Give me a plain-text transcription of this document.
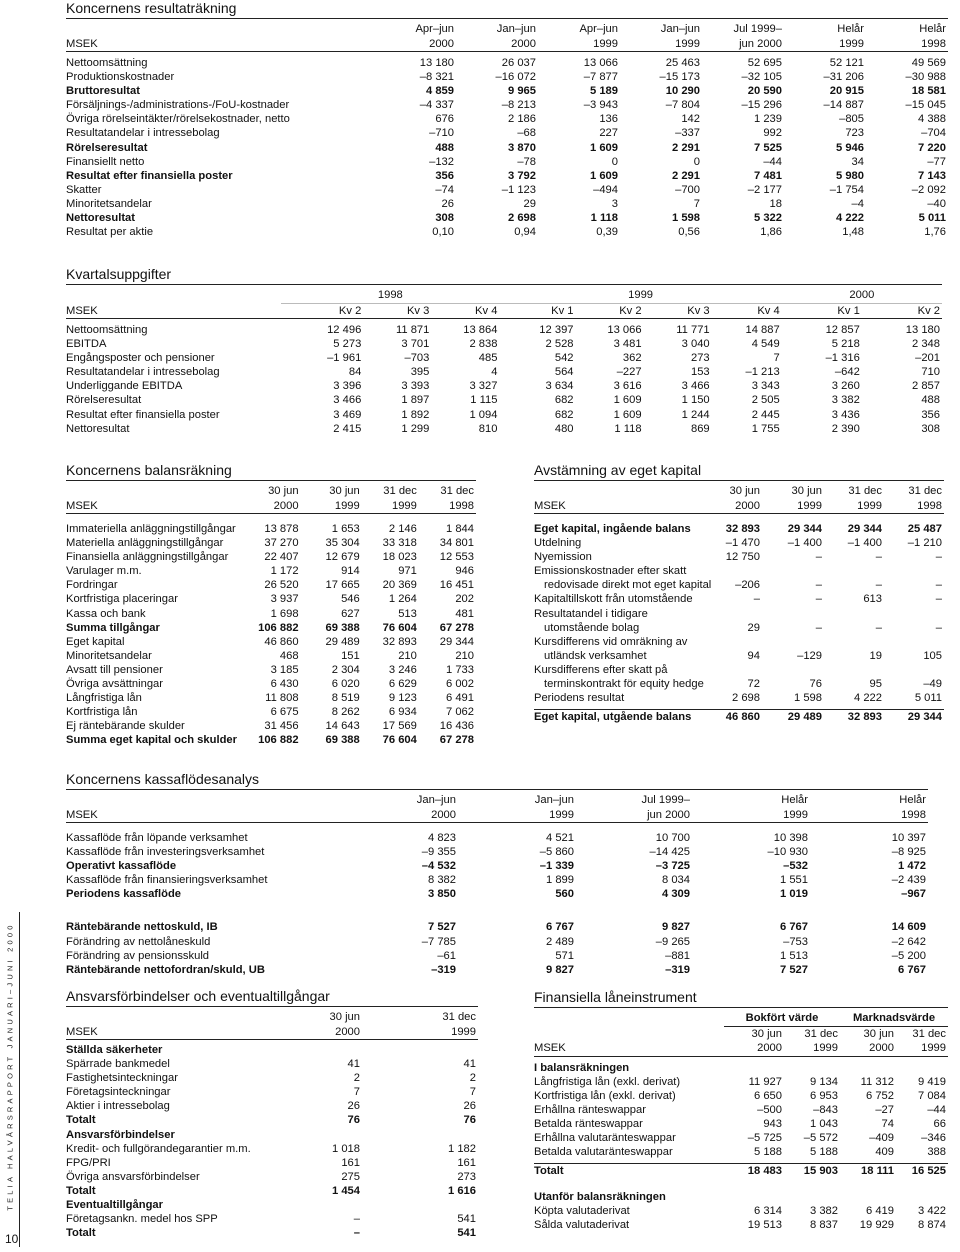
TELIA HALVÅRSRAPPORT JANUARI–JUNI 2000
10
Koncernens resultaträkning
	Apr–jun	Jan–jun	Apr–jun	Jan–jun	Jul 1999–	Helår	Helår
MSEK	2000	2000	1999	1999	jun 2000	1999	1998

Nettoomsättning	13 180	26 037	13 066	25 463	52 695	52 121	49 569
Produktionskostnader	–8 321	–16 072	–7 877	–15 173	–32 105	–31 206	–30 988
Bruttoresultat	4 859	9 965	5 189	10 290	20 590	20 915	18 581
Försäljnings-/administrations-/FoU-kostnader	–4 337	–8 213	–3 943	–7 804	–15 296	–14 887	–15 045
Övriga rörelseintäkter/rörelsekostnader, netto	676	2 186	136	142	1 239	–805	4 388
Resultatandelar i intressebolag	–710	–68	227	–337	992	723	–704
Rörelseresultat	488	3 870	1 609	2 291	7 525	5 946	7 220
Finansiellt netto	–132	–78	0	0	–44	34	–77
Resultat efter finansiella poster	356	3 792	1 609	2 291	7 481	5 980	7 143
Skatter	–74	–1 123	–494	–700	–2 177	–1 754	–2 092
Minoritetsandelar	26	29	3	7	18	–4	–40
Nettoresultat	308	2 698	1 118	1 598	5 322	4 222	5 011
Resultat per aktie	0,10	0,94	0,39	0,56	1,86	1,48	1,76
Kvartalsuppgifter
	1998			1999				2000	
MSEK	Kv 2	Kv 3	Kv 4	Kv 1	Kv 2	Kv 3	Kv 4	Kv 1	Kv 2

Nettoomsättning	12 496	11 871	13 864	12 397	13 066	11 771	14 887	12 857	13 180
EBITDA	5 273	3 701	2 838	2 528	3 481	3 040	4 549	5 218	2 348
Engångsposter och pensioner	–1 961	–703	485	542	362	273	7	–1 316	–201
Resultatandelar i intressebolag	84	395	4	564	–227	153	–1 213	–642	710
Underliggande EBITDA	3 396	3 393	3 327	3 634	3 616	3 466	3 343	3 260	2 857
Rörelseresultat	3 466	1 897	1 115	682	1 609	1 150	2 505	3 382	488
Resultat efter finansiella poster	3 469	1 892	1 094	682	1 609	1 244	2 445	3 436	356
Nettoresultat	2 415	1 299	810	480	1 118	869	1 755	2 390	308
Koncernens balansräkning
	30 jun	30 jun	31 dec	31 dec
MSEK	2000	1999	1999	1998

Immateriella anläggningstillgångar	13 878	1 653	2 146	1 844
Materiella anläggningstillgångar	37 270	35 304	33 318	34 801
Finansiella anläggningstillgångar	22 407	12 679	18 023	12 553
Varulager m.m.	1 172	914	971	946
Fordringar	26 520	17 665	20 369	16 451
Kortfristiga placeringar	3 937	546	1 264	202
Kassa och bank	1 698	627	513	481
Summa tillgångar	106 882	69 388	76 604	67 278
Eget kapital	46 860	29 489	32 893	29 344
Minoritetsandelar	468	151	210	210
Avsatt till pensioner	3 185	2 304	3 246	1 733
Övriga avsättningar	6 430	6 020	6 629	6 002
Långfristiga lån	11 808	8 519	9 123	6 491
Kortfristiga lån	6 675	8 262	6 934	7 062
Ej räntebärande skulder	31 456	14 643	17 569	16 436
Summa eget kapital och skulder	106 882	69 388	76 604	67 278
Avstämning av eget kapital
	30 jun	30 jun	31 dec	31 dec
MSEK	2000	1999	1999	1998

Eget kapital, ingående balans	32 893	29 344	29 344	25 487
Utdelning	–1 470	–1 400	–1 400	–1 210
Nyemission	12 750	–	–	–
Emissionskostnader efter skatt				
redovisade direkt mot eget kapital	–206	–	–	–
Kapitaltillskott från utomstående	–	–	613	–
Resultatandel i tidigare				
utomstående bolag	29	–	–	–
Kursdifferens vid omräkning av				
utländsk verksamhet	94	–129	19	105
Kursdifferens efter skatt på				
terminskontrakt för equity hedge	72	76	95	–49
Periodens resultat	2 698	1 598	4 222	5 011

Eget kapital, utgående balans	46 860	29 489	32 893	29 344
Koncernens kassaflödesanalys
	Jan–jun	Jan–jun	Jul 1999–	Helår	Helår
MSEK	2000	1999	jun 2000	1999	1998

Kassaflöde från löpande verksamhet	4 823	4 521	10 700	10 398	10 397
Kassaflöde från investeringsverksamhet	–9 355	–5 860	–14 425	–10 930	–8 925
Operativt kassaflöde	–4 532	–1 339	–3 725	–532	1 472
Kassaflöde från finansieringsverksamhet	8 382	1 899	8 034	1 551	–2 439
Periodens kassaflöde	3 850	560	4 309	1 019	–967

Räntebärande nettoskuld, IB	7 527	6 767	9 827	6 767	14 609
Förändring av nettolåneskuld	–7 785	2 489	–9 265	–753	–2 642
Förändring av pensionsskuld	–61	571	–881	1 513	–5 200
Räntebärande nettofordran/skuld, UB	–319	9 827	–319	7 527	6 767
Ansvarsförbindelser och eventualtillgångar
	30 jun	31 dec
MSEK	2000	1999

Ställda säkerheter		
Spärrade bankmedel	41	41
Fastighetsinteckningar	2	2
Företagsinteckningar	7	7
Aktier i intressebolag	26	26
Totalt	76	76
Ansvarsförbindelser		
Kredit- och fullgörandegarantier m.m.	1 018	1 182
FPG/PRI	161	161
Övriga ansvarsförbindelser	275	273
Totalt	1 454	1 616
Eventualtillgångar		
Företagsankn. medel hos SPP	–	541
Totalt	–	541
Finansiella låneinstrument
	Bokfört värde		Marknadsvärde	
	30 jun	31 dec	30 jun	31 dec
MSEK	2000	1999	2000	1999

I balansräkningen				
Långfristiga lån (exkl. derivat)	11 927	9 134	11 312	9 419
Kortfristiga lån (exkl. derivat)	6 650	6 953	6 752	7 084
Erhållna ränteswappar	–500	–843	–27	–44
Betalda ränteswappar	943	1 043	74	66
Erhållna valutaränteswappar	–5 725	–5 572	–409	–346
Betalda valutaränteswappar	5 188	5 188	409	388

Totalt	18 483	15 903	18 111	16 525

Utanför balansräkningen				
Köpta valutaderivat	6 314	3 382	6 419	3 422
Sålda valutaderivat	19 513	8 837	19 929	8 874
